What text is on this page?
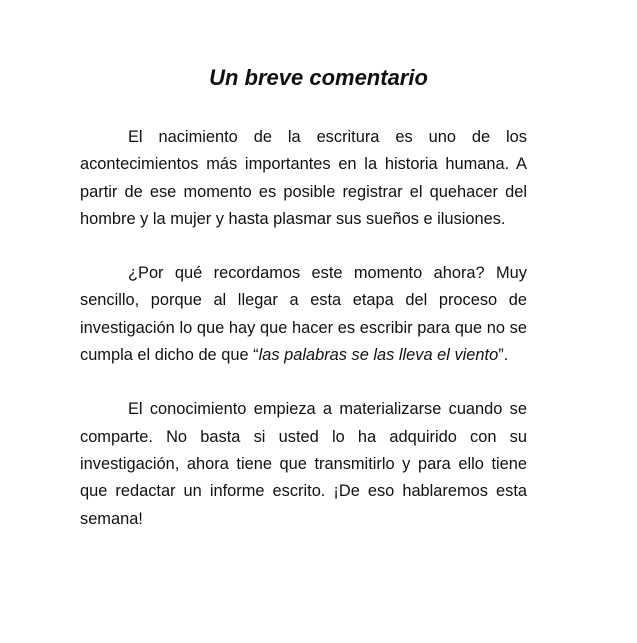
Un breve comentario

El nacimiento de la escritura es uno de los acontecimientos más importantes en la historia humana. A partir de ese momento es posible registrar el quehacer del hombre y la mujer y hasta plasmar sus sueños e ilusiones.

¿Por qué recordamos este momento ahora? Muy sencillo, porque al llegar a esta etapa del proceso de investigación lo que hay que hacer es escribir para que no se cumpla el dicho de que “las palabras se las lleva el viento”.

El conocimiento empieza a materializarse cuando se comparte. No basta si usted lo ha adquirido con su investigación, ahora tiene que transmitirlo y para ello tiene que redactar un informe escrito. ¡De eso hablaremos esta semana!
